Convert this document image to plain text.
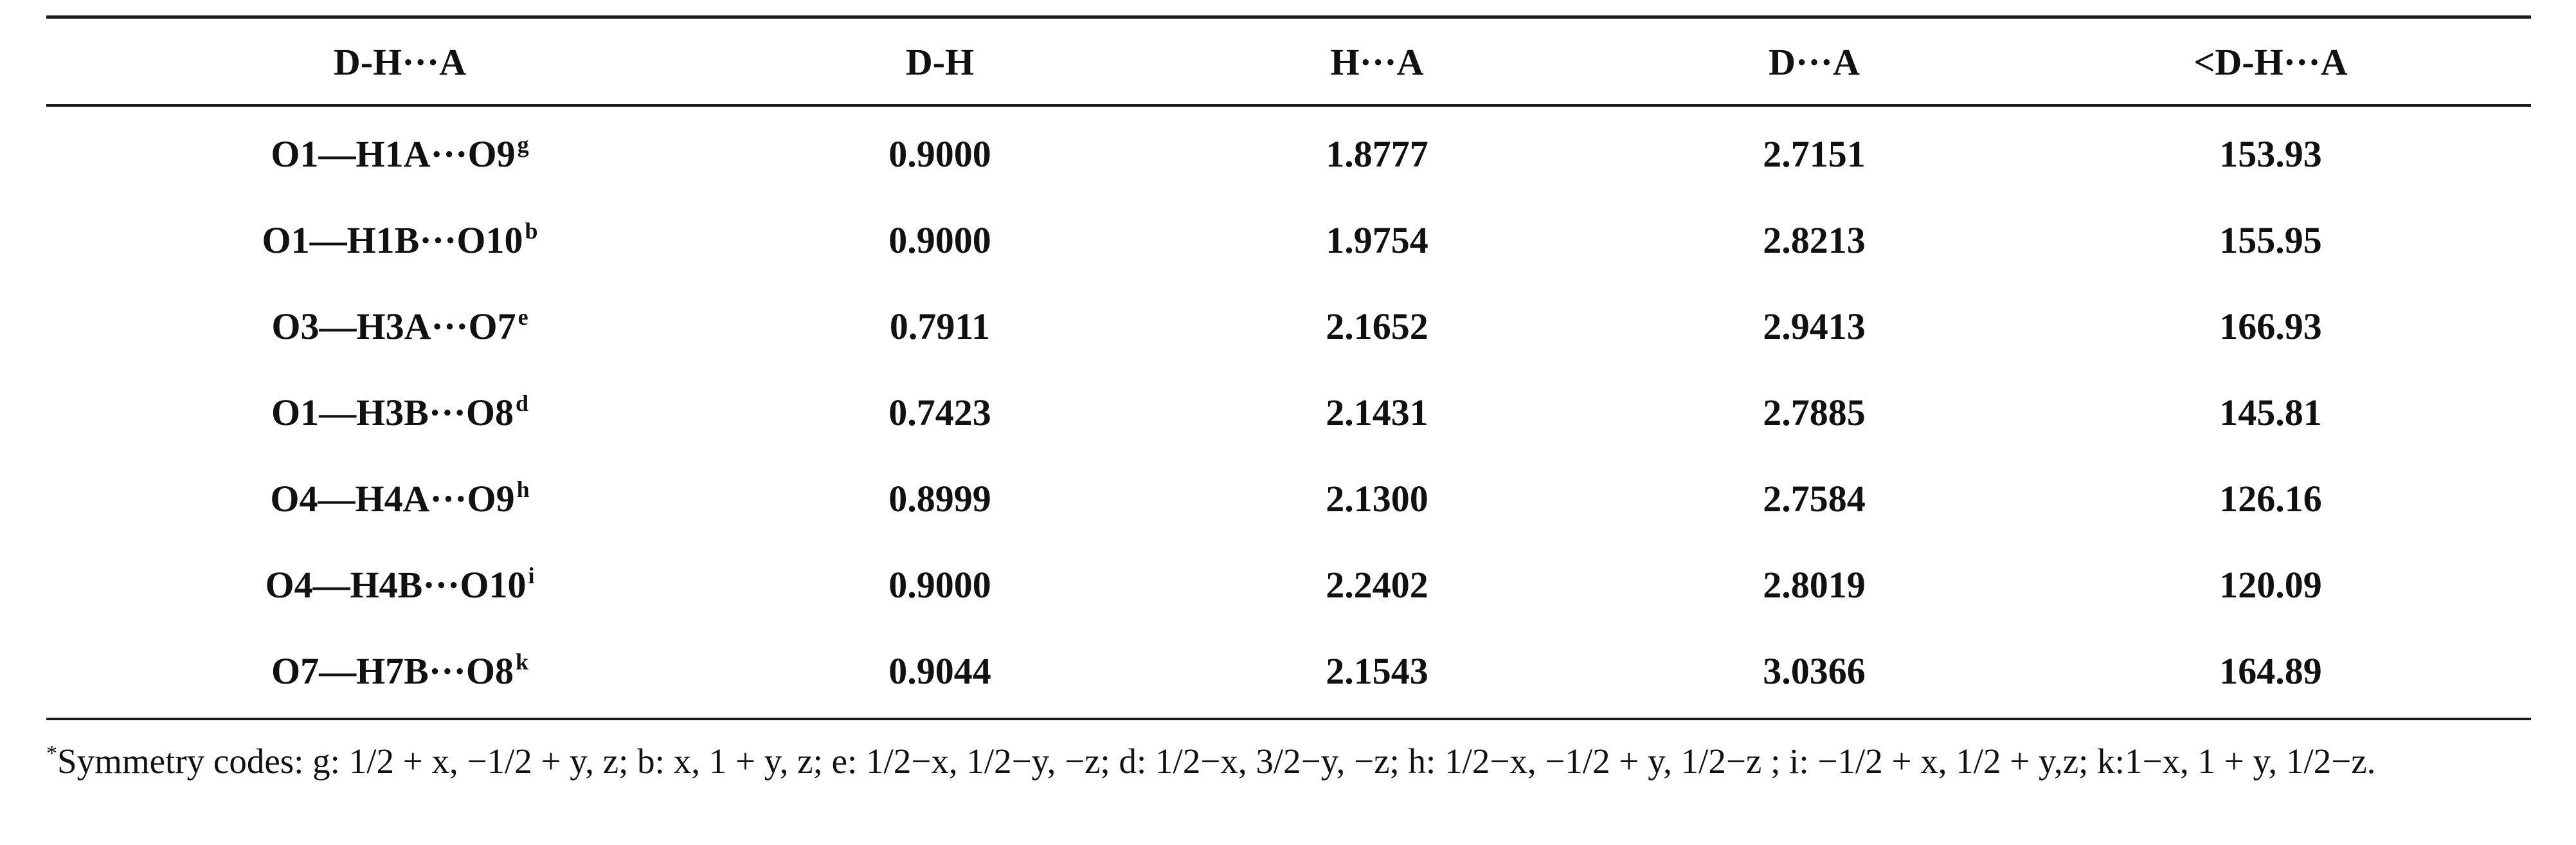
D-H···A	D-H	H···A	D···A	<D-H···A
$O1—H1A\cdot\cdot\cdot O9^g$	0.9000	1.8777	2.7151	153.93
$O1—H1B\cdot\cdot\cdot O10^b$	0.9000	1.9754	2.8213	155.95
$O3—H3A\cdot\cdot\cdot O7^e$	0.7911	2.1652	2.9413	166.93
$O1—H3B\cdot\cdot\cdot O8^d$	0.7423	2.1431	2.7885	145.81
$O4—H4A\cdot\cdot\cdot O9^h$	0.8999	2.1300	2.7584	126.16
$O4—H4B\cdot\cdot\cdot O10^i$	0.9000	2.2402	2.8019	120.09
$O7—H7B\cdot\cdot\cdot O8^k$	0.9044	2.1543	3.0366	164.89
*Symmetry codes: g: 1/2 + x, −1/2 + y, z; b: x, 1 + y, z; e: 1/2−x, 1/2−y, −z; d: 1/2−x, 3/2−y, −z; h: 1/2−x, −1/2 + y, 1/2−z ; i: −1/2 + x, 1/2 + y,z; k:1−x, 1 + y, 1/2−z.
